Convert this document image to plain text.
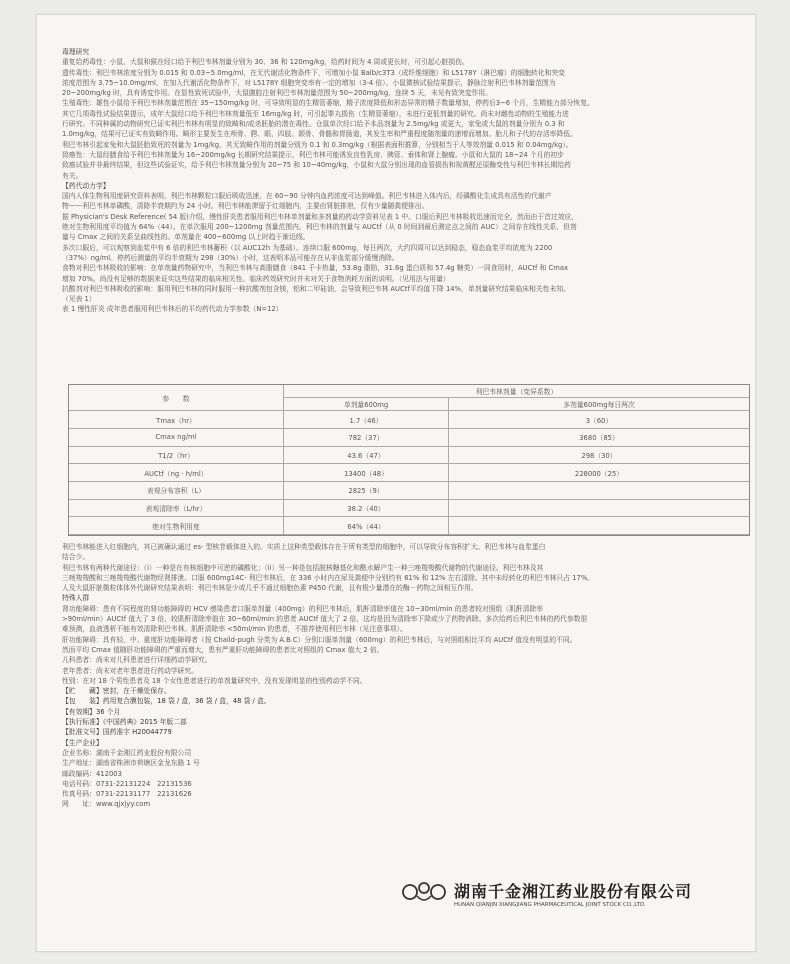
毒理研究

重复给药毒性：小鼠、大鼠和猴在经口给予利巴韦林剂量分别为 30、36 和 120mg/kg，给药时间为 4 周或更长时，可引起心脏损伤。

遗传毒性：利巴韦林浓度分别为 0.015 和 0.03~5.0mg/ml，在无代谢活化物条件下，可增加小鼠 Balb/c3T3（成纤维细胞）和 L5178Y（淋巴瘤）的细胞转化和突变

浓度范围为 3.75~10.0mg/ml，在加入代谢活化物条件下，对 L5178Y 细胞突变率有一定的增加（3-4 倍）。小鼠微核试验结果提示，静脉注射利巴韦林剂量范围为

20~200mg/kg 时，具有诱変作用。在显性致死试验中，大鼠腹腔注射利巴韦林剂量范围为 50~200mg/kg，连续 5 天，未见有致突変作用。

生殖毒性：雄性小鼠给予利巴韦林剂量范围在 35~150mg/kg 时，可导致明显的生精管萎缩，精子浓度降低和形态异常的精子数量增加，停药后3~6 个月，生精能力部分恢复。

其它几项毒性试验结果提示，成年大鼠经口给予利巴韦林剂量低至 16mg/kg 时，可引起睾丸损伤（生精管萎缩），未进行更低剂量的研究。尚未对雌性动物的生殖能力进

行研究。不同种属的动物研究已证实利巴韦林有明显的致畸和/或杀胚胎的潜在毒性。仓鼠单次经口给予本品剂量为 2.5mg/kg 或更大，家兔或大鼠的剂量分别为 0.3 和

1.0mg/kg，结果可已证实有致畸作用。畸形主要发生在颅骨、腭、眼、四肢、颌骨、骨骼和胃肠道，其发生率和严重程度随剂量的递增而增加。胎儿和子代的存活率降低。

利巴韦林引起家兔和大鼠胚胎致死的剂量为 1mg/kg，其无致畸作用的剂量分别为 0.1 和 0.3mg/kg（根据表面积推算，分别相当于人等效剂量 0.015 和 0.04mg/kg）。

致癌性：大鼠经膳食给予利巴韦林剂量为 16~200mg/kg 长期研究结果提示，利巴韦林可能诱发良性乳房、胰管、垂体和肾上腺瘤。小鼠和大鼠的 18~24 个月的初步

致癌试验并非最终结果，但这些试验证实，给予利巴韦林剂量分别为 20~75 和 10~40mg/kg，小鼠和大鼠分别出现的血管损伤和视黄醛还原酶变性与利巴韦林长期给药

有关。

【药代动力学】

国内人体生物利用度研究资料表明，利巴韦林颗粒口服后吸收迅速，在 60~90 分钟内血药浓度可达到峰值。利巴韦林进入体内后，经磷酸化生成具有活性的代谢产

物——利巴韦林单磷酸，清除半衰期约为 24 小时。利巴韦林能滞留于红细胞内，主要由肾脏排泄，仅有少量随粪便排出。

据 Physician's Desk Reference( 54 版)介绍，慢性肝炎患者服用利巴韦林单剂量和多剂量的药动学资料见表 1 中。口服后利巴韦林吸收迅速而完全，然而由于首过效应，

绝对生物利用度平均值为 64%（44）。在单次服用 200~1200mg 剂量范围内，利巴韦林的剂量与 AUCtf（从 0 时间到最后测定点之间的 AUC）之间存在线性关系，但剂

量与 Cmax 之间的关系呈曲线性的。单剂量在 400~600mg 以上时趋于渐近线。

多次口服后，可以观察到血浆中有 6 倍的利巴韦林蓄积（以 AUC12h 为基础）。连续口服 600mg，每日两次，大约四周可以达到稳态，稳态血浆平均浓度为 2200

（37%）ng/ml。停药后测量的平均半衰期为 298（30%）小时，这表明本品可能存在从非血浆部分缓慢消除。

食物对利巴韦林吸收的影响：在单剂量药物研究中，当利巴韦林与高脂膳食（841 千卡热量，53.8g 脂肪，31.6g 蛋白质和 57.4g 糖类）一同食用时，AUCtf 和 Cmax

增加 70%。尚没有足够的数据来证实这些结果的临床相关性。临床药效研究时并未对关于食物消耗方面的说明。（见用法与用量）

抗酸剂对利巴韦林吸收的影响：服用利巴韦林的同时服用一种抗酸剂包含镁，铝和二甲硅油，会导致利巴韦林 AUCtf平均值下降 14%，单剂量研究结果临床相关性未知。

（见表 1）

表 1 慢性肝炎 成年患者服用利巴韦林后的平均药代动力学参数（N=12）

参　　数	利巴韦林剂量（变异系数）	
	单剂量600mg	多剂量600mg每日两次
Tmax（hr）	1.7（46）	3（60）
Cmax ng/ml	782（37）	3680（85）
T1/2（hr）	43.6（47）	298（30）
AUCtf（ng · h/ml）	13400（48）	228000（25）
表观分布容积（L）	2825（9）	
表观清除率（L/hr）	38.2（40）	
绝对生物利用度	64%（44）	

利巴韦林能进入红细胞内，其已被确认通过 es- 型核苷载体进入的。实质上这种类型载体存在于所有类型的细胞中，可以导致分布容积扩大。利巴韦林与血浆蛋白

结合少。

利巴韦林有两种代谢途径：（i）一种是在有核细胞中可逆的磷酸化；（ii）另一种是包括脱核糖基化和酰水解产生一种三唑羧羧酸代谢物的代谢途径。利巴韦林及其

三唑羧羧酸和三唑羧羧酸代谢物经肾排泄。口服 600mg14C- 利巴韦林后，在 336 小时内在尿及粪便中分别约有 61% 和 12% 左右清除。其中未经转化的利巴韦林只占 17%。

人及大鼠肝脏微粒体体外代谢研究结果表明：利巴韦林是少或几乎不通过细胞色素 P450 代谢，且有极少量潜在的酶－药物之间相互作用。

特殊人群

肾功能障碍：患有不同程度的肾功能障碍的 HCV 感染患者口服单剂量（400mg）的利巴韦林后，肌酐清除率值在 10~30ml/min 的患者较对照组（肌酐清除率

>90ml/min）AUCtf 值大了 3 倍，较肌酐清除率值在 30~60ml/min 的患者 AUCtf 值大了 2 倍，这均是因为清除率下降或少了药物消除。多次给药后利巴韦林的药代参数很

难预测，血液透析不能有效清除利巴韦林。肌酐清除率 <50ml/min 的患者，不推荐使用利巴韦林（见注意事项）。

肝功能障碍：具有轻、中、重度肝功能障碍者（按 Chaild-pugh 分类为 A.B.C）分别口服单剂量（600mg）的利巴韦林后，与对照组相比平均 AUCtf 值没有明显的不同。

然而平均 Cmax 值随肝功能障碍的严重而增大，患有严重肝功能障碍的患者比对照组的 Cmax 值大 2 倍。

儿科患者：尚未对儿科患者进行详细药动学研究。

老年患者：尚未对老年患者进行药动学研究。

性别：在对 18 个男性患者及 18 个女性患者进行的单剂量研究中，没有发现明显的性别药动学不同。

【贮　　藏】密封，在干燥处保存。

【包　　装】药用复合膜包装，18 袋 / 盒，36 袋 / 盒，48 袋 / 盒。

【有效期】36 个月

【执行标准】《中国药典》2015 年版二部

【批准文号】国药准字 H20044779

【生产企业】

企业名称：湖南千金湘江药业股份有限公司

生产地址：湖南省株洲市荷塘区金龙东路 1 号

邮政编码：412003

电话号码：0731-22131224　22131536

传真号码：0731-22131177　22131626

网　　址：www.qjxjyy.com

湖南千金湘江药业股份有限公司
HUNAN QIANJIN XIANGJIANG PHARMACEUTICAL JOINT STOCK CO.,LTD.
